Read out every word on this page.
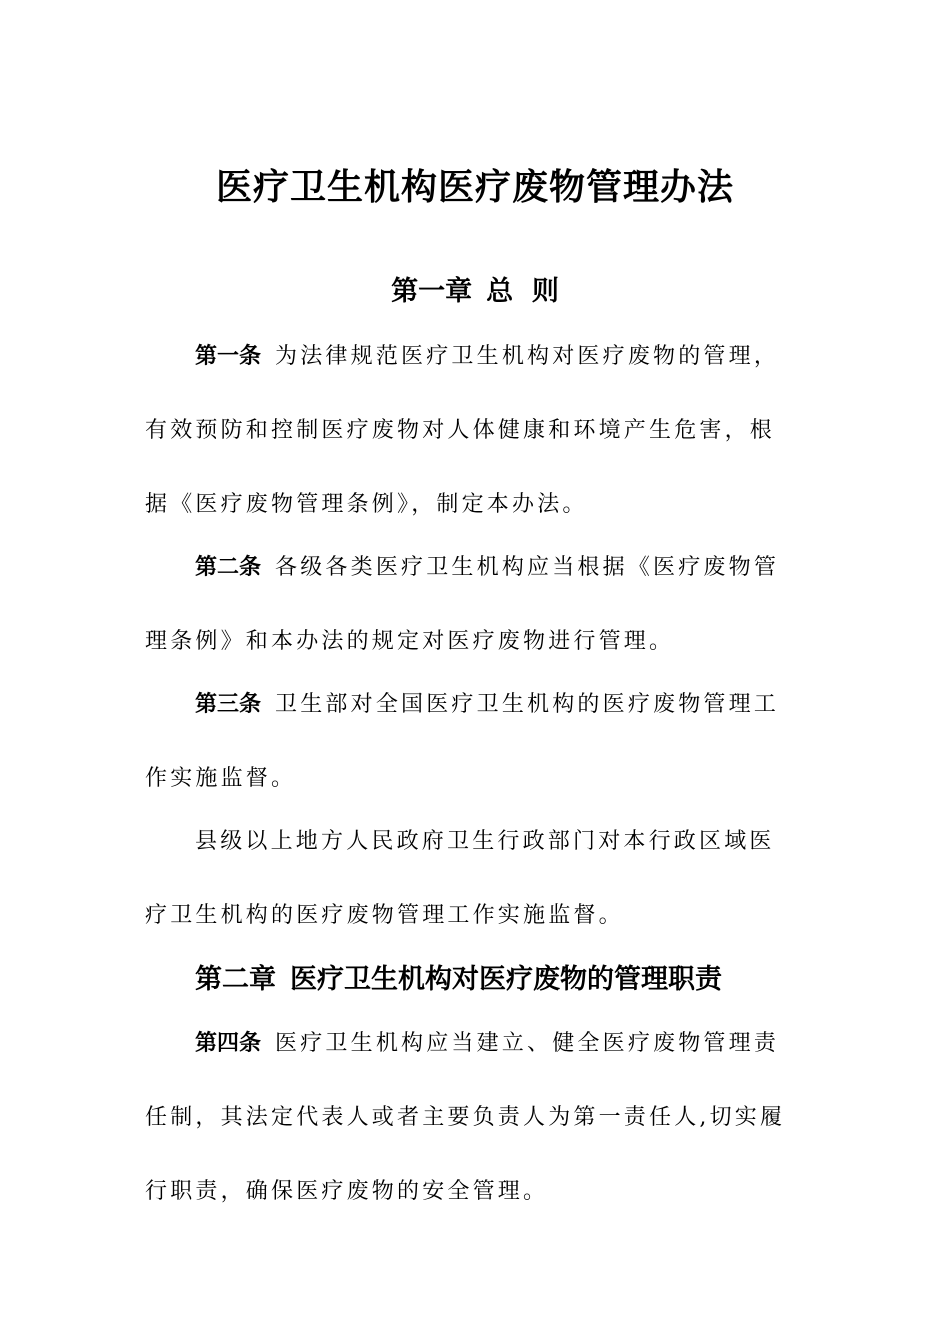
医疗卫生机构医疗废物管理办法
第一章 总  则
第一条 为法律规范医疗卫生机构对医疗废物的管理，
有效预防和控制医疗废物对人体健康和环境产生危害，根
据《医疗废物管理条例》，制定本办法。
第二条 各级各类医疗卫生机构应当根据《医疗废物管
理条例》和本办法的规定对医疗废物进行管理。
第三条 卫生部对全国医疗卫生机构的医疗废物管理工
作实施监督。
县级以上地方人民政府卫生行政部门对本行政区域医
疗卫生机构的医疗废物管理工作实施监督。
第二章 医疗卫生机构对医疗废物的管理职责
第四条 医疗卫生机构应当建立、健全医疗废物管理责
任制，其法定代表人或者主要负责人为第一责任人,切实履
行职责，确保医疗废物的安全管理。
